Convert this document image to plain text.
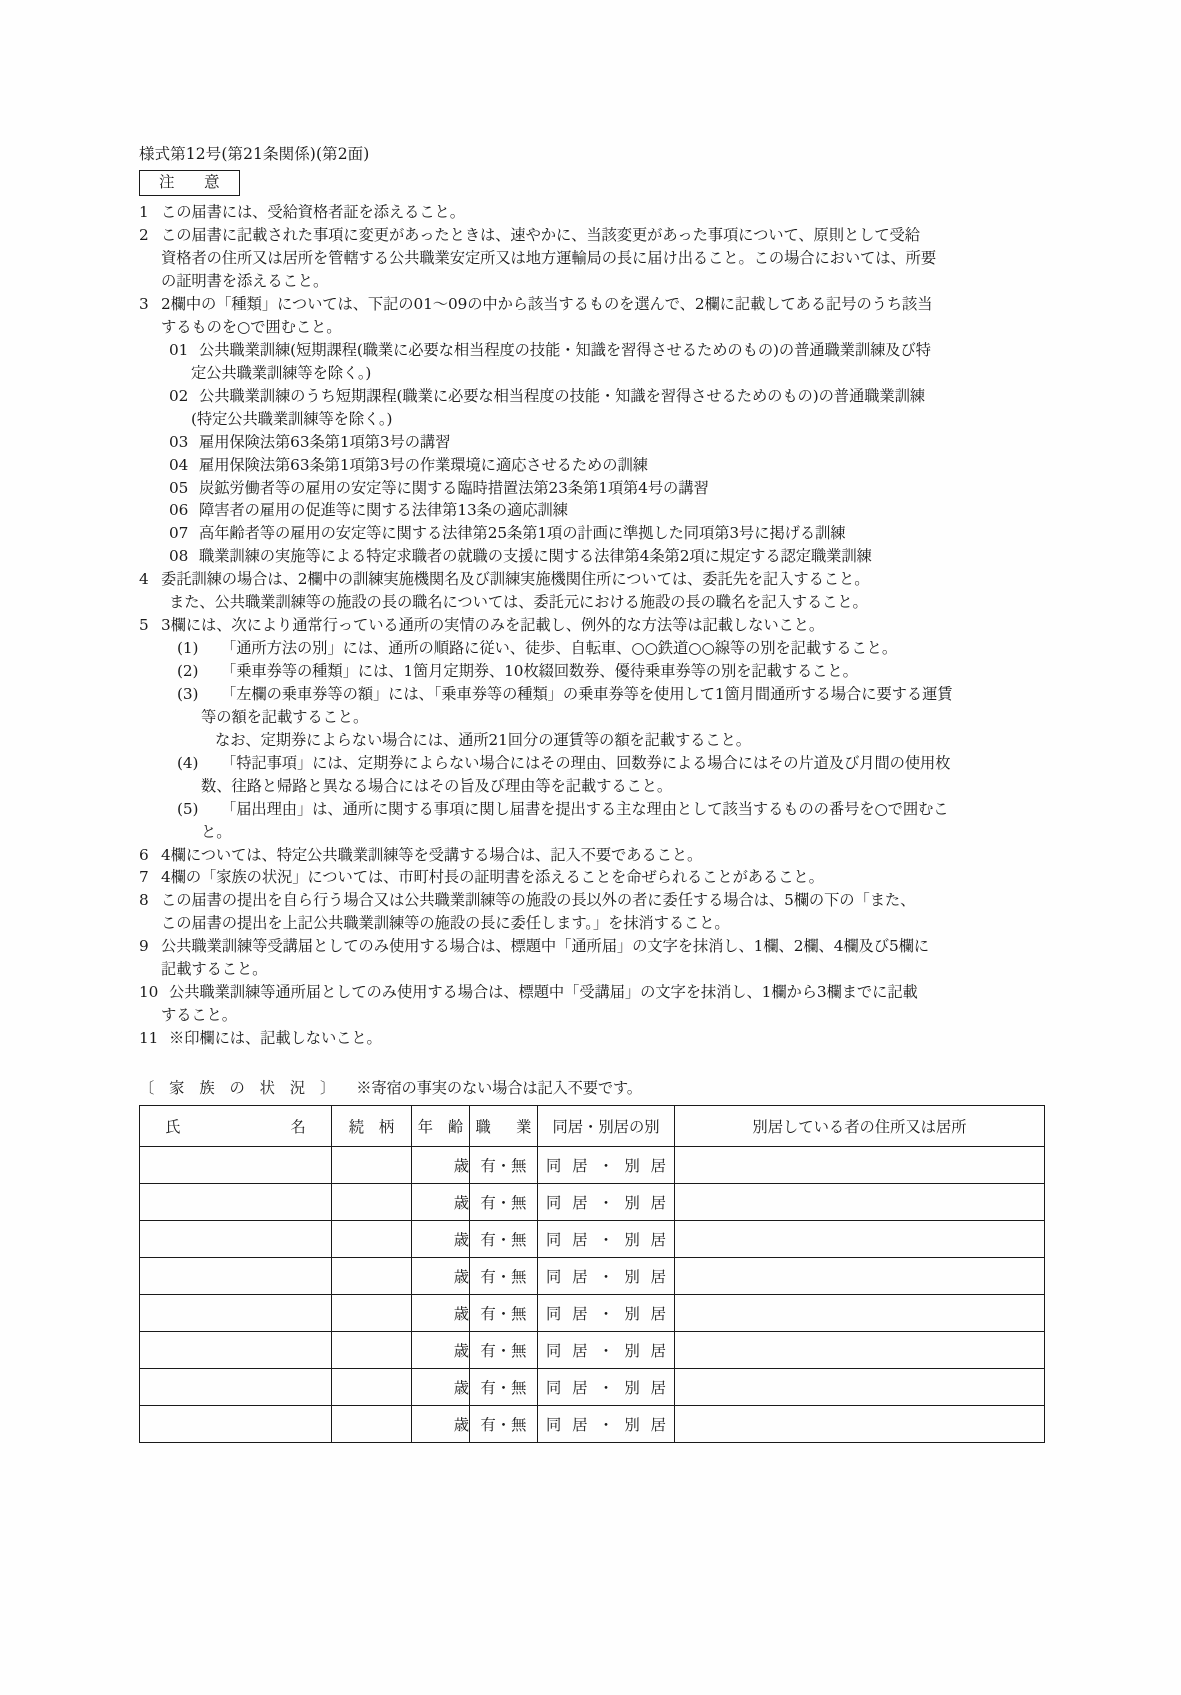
様式第12号(第21条関係)(第2面)
注　意
1 この届書には、受給資格者証を添えること。
2 この届書に記載された事項に変更があったときは、速やかに、当該変更があった事項について、原則として受給
資格者の住所又は居所を管轄する公共職業安定所又は地方運輸局の長に届け出ること。この場合においては、所要
の証明書を添えること。
3 2欄中の「種類」については、下記の01〜09の中から該当するものを選んで、2欄に記載してある記号のうち該当
するものを○で囲むこと。
01 公共職業訓練(短期課程(職業に必要な相当程度の技能・知識を習得させるためのもの)の普通職業訓練及び特
定公共職業訓練等を除く。)
02 公共職業訓練のうち短期課程(職業に必要な相当程度の技能・知識を習得させるためのもの)の普通職業訓練
(特定公共職業訓練等を除く。)
03 雇用保険法第63条第1項第3号の講習
04 雇用保険法第63条第1項第3号の作業環境に適応させるための訓練
05 炭鉱労働者等の雇用の安定等に関する臨時措置法第23条第1項第4号の講習
06 障害者の雇用の促進等に関する法律第13条の適応訓練
07 高年齢者等の雇用の安定等に関する法律第25条第1項の計画に準拠した同項第3号に掲げる訓練
08 職業訓練の実施等による特定求職者の就職の支援に関する法律第4条第2項に規定する認定職業訓練
4 委託訓練の場合は、2欄中の訓練実施機関名及び訓練実施機関住所については、委託先を記入すること。
また、公共職業訓練等の施設の長の職名については、委託元における施設の長の職名を記入すること。
5 3欄には、次により通常行っている通所の実情のみを記載し、例外的な方法等は記載しないこと。
(1) 「通所方法の別」には、通所の順路に従い、徒歩、自転車、○○鉄道○○線等の別を記載すること。
(2) 「乗車券等の種類」には、1箇月定期券、10枚綴回数券、優待乗車券等の別を記載すること。
(3) 「左欄の乗車券等の額」には、「乗車券等の種類」の乗車券等を使用して1箇月間通所する場合に要する運賃
等の額を記載すること。
なお、定期券によらない場合には、通所21回分の運賃等の額を記載すること。
(4) 「特記事項」には、定期券によらない場合にはその理由、回数券による場合にはその片道及び月間の使用枚
数、往路と帰路と異なる場合にはその旨及び理由等を記載すること。
(5) 「届出理由」は、通所に関する事項に関し届書を提出する主な理由として該当するものの番号を○で囲むこ
と。
6 4欄については、特定公共職業訓練等を受講する場合は、記入不要であること。
7 4欄の「家族の状況」については、市町村長の証明書を添えることを命ぜられることがあること。
8 この届書の提出を自ら行う場合又は公共職業訓練等の施設の長以外の者に委任する場合は、5欄の下の「また、
この届書の提出を上記公共職業訓練等の施設の長に委任します。」を抹消すること。
9 公共職業訓練等受講届としてのみ使用する場合は、標題中「通所届」の文字を抹消し、1欄、2欄、4欄及び5欄に
記載すること。
10 公共職業訓練等通所届としてのみ使用する場合は、標題中「受講届」の文字を抹消し、1欄から3欄までに記載
すること。
11 ※印欄には、記載しないこと。
〔 家 族 の 状 況 〕 ※寄宿の事実のない場合は記入不要です。
氏　　　名	続 柄	年 齢	職　業	同居・別居の別	別居している者の住所又は居所
		歳	有・無	同 居 ・ 別 居	
		歳	有・無	同 居 ・ 別 居	
		歳	有・無	同 居 ・ 別 居	
		歳	有・無	同 居 ・ 別 居	
		歳	有・無	同 居 ・ 別 居	
		歳	有・無	同 居 ・ 別 居	
		歳	有・無	同 居 ・ 別 居	
		歳	有・無	同 居 ・ 別 居	
